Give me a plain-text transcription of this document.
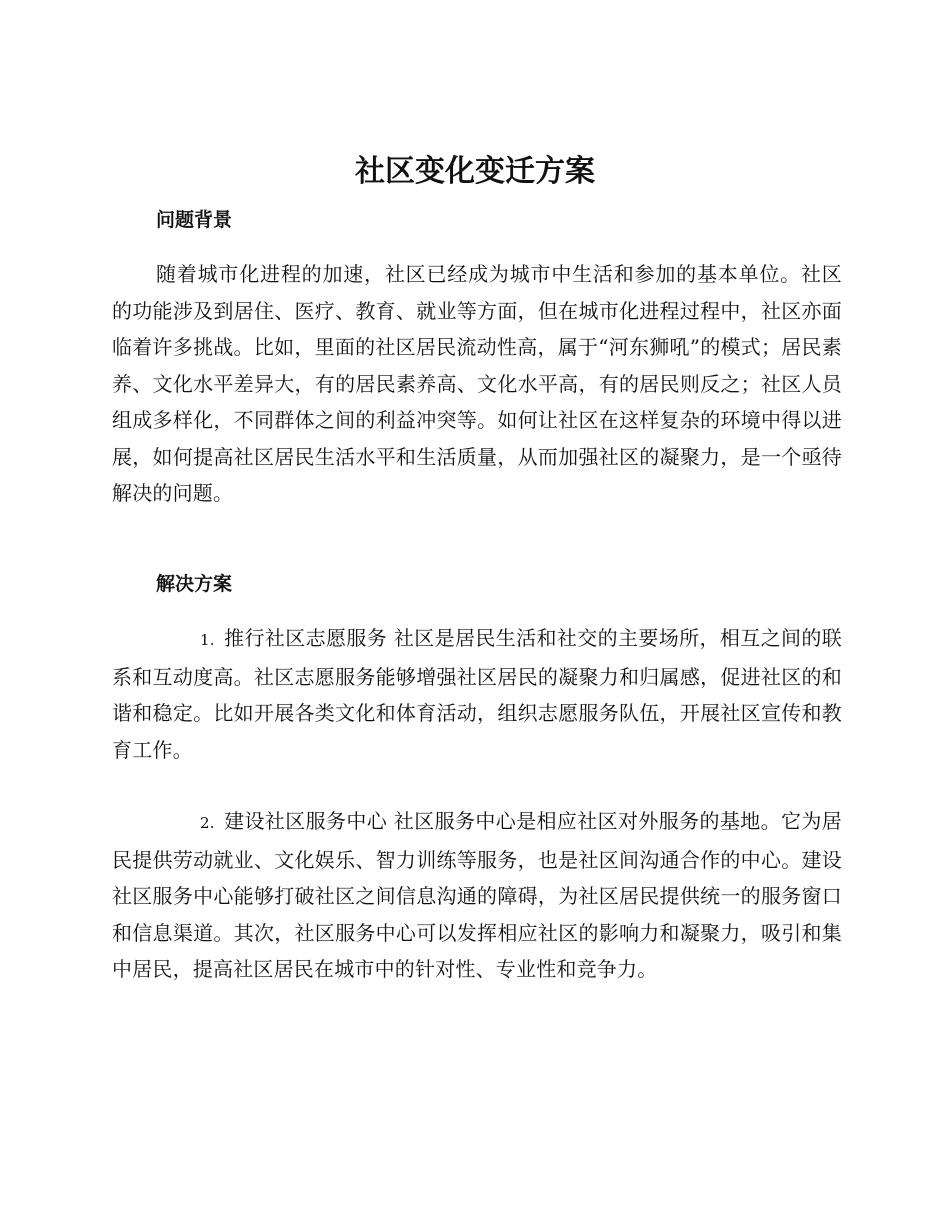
社区变化变迁方案
问题背景

随着城市化进程的加速，社区已经成为城市中生活和参加的基本单位。社区的功能涉及到居住、医疗、教育、就业等方面，但在城市化进程过程中，社区亦面临着许多挑战。比如，里面的社区居民流动性高，属于“河东狮吼”的模式；居民素养、文化水平差异大，有的居民素养高、文化水平高，有的居民则反之；社区人员组成多样化，不同群体之间的利益冲突等。如何让社区在这样复杂的环境中得以进展，如何提高社区居民生活水平和生活质量，从而加强社区的凝聚力，是一个亟待解决的问题。

解决方案

1. 推行社区志愿服务 社区是居民生活和社交的主要场所，相互之间的联系和互动度高。社区志愿服务能够增强社区居民的凝聚力和归属感，促进社区的和谐和稳定。比如开展各类文化和体育活动，组织志愿服务队伍，开展社区宣传和教育工作。

2. 建设社区服务中心 社区服务中心是相应社区对外服务的基地。它为居民提供劳动就业、文化娱乐、智力训练等服务，也是社区间沟通合作的中心。建设社区服务中心能够打破社区之间信息沟通的障碍，为社区居民提供统一的服务窗口和信息渠道。其次，社区服务中心可以发挥相应社区的影响力和凝聚力，吸引和集中居民，提高社区居民在城市中的针对性、专业性和竞争力。
